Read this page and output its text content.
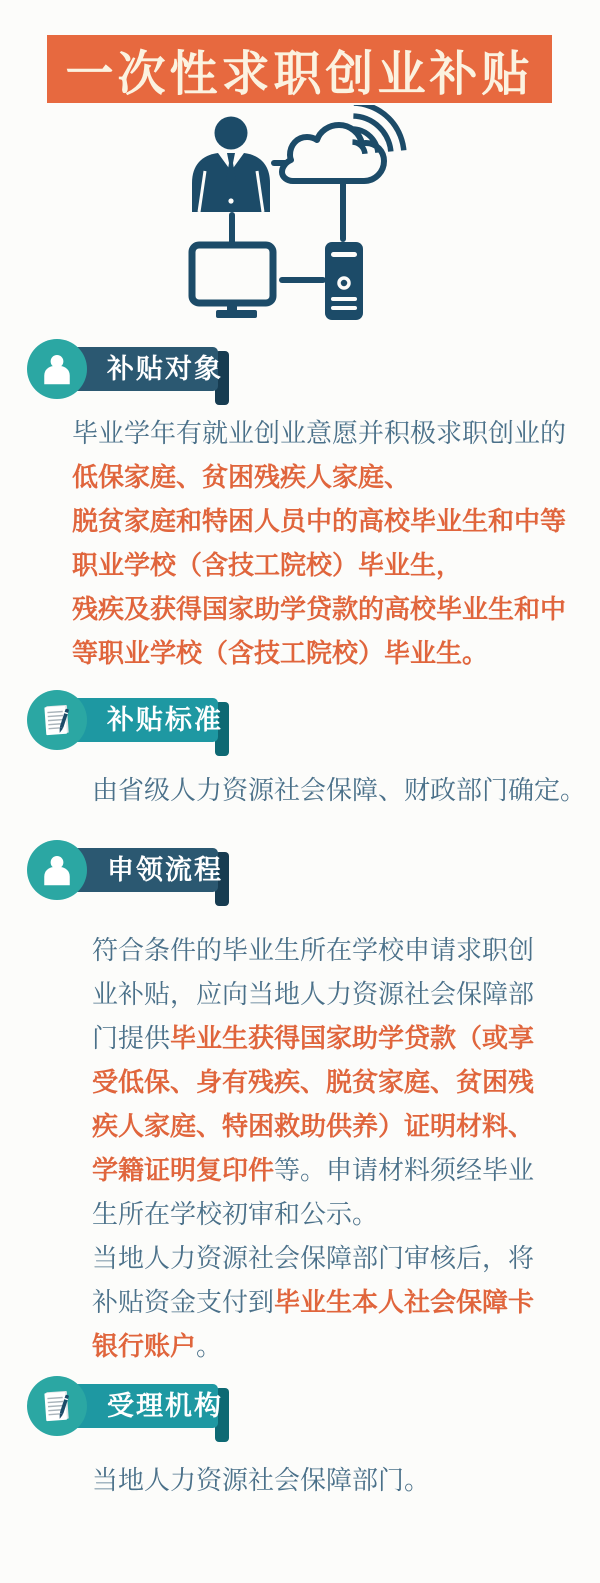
一次性求职创业补贴
补贴对象
毕业学年有就业创业意愿并积极求职创业的
低保家庭、贫困残疾人家庭、
脱贫家庭和特困人员中的高校毕业生和中等
职业学校（含技工院校）毕业生，
残疾及获得国家助学贷款的高校毕业生和中
等职业学校（含技工院校）毕业生。
补贴标准
由省级人力资源社会保障、财政部门确定。
申领流程
符合条件的毕业生所在学校申请求职创
业补贴，应向当地人力资源社会保障部
门提供毕业生获得国家助学贷款（或享
受低保、身有残疾、脱贫家庭、贫困残
疾人家庭、特困救助供养）证明材料、
学籍证明复印件等。申请材料须经毕业
生所在学校初审和公示。
当地人力资源社会保障部门审核后，将
补贴资金支付到毕业生本人社会保障卡
银行账户。
受理机构
当地人力资源社会保障部门。
